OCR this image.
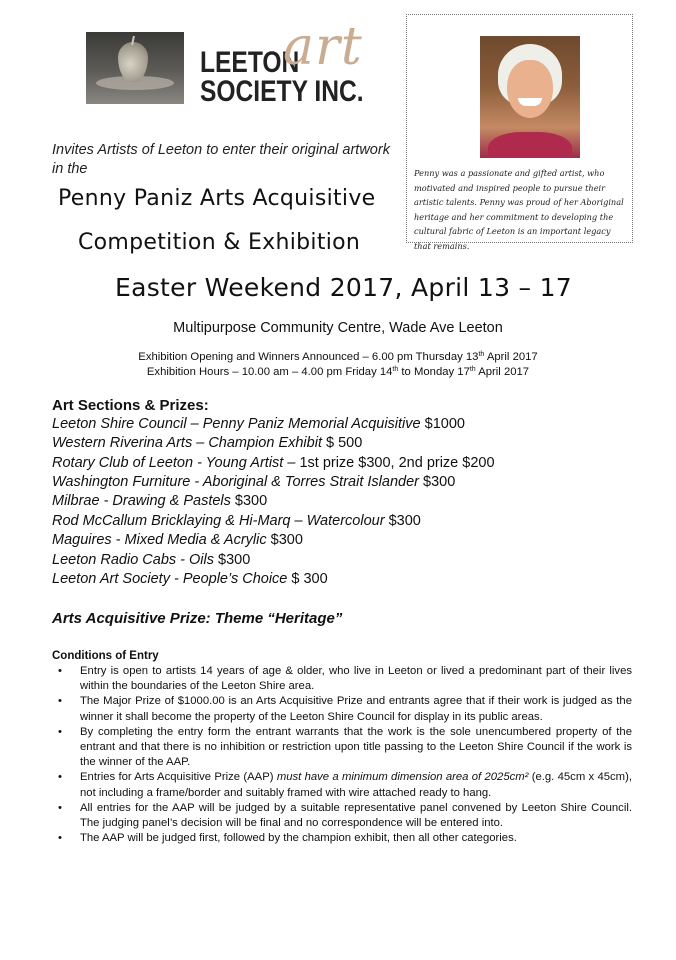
LEETON
SOCIETY INC.
art
Penny was a passionate and gifted artist, who motivated and inspired people to pursue their artistic talents. Penny was proud of her Aboriginal heritage and her commitment to developing the cultural fabric of Leeton is an important legacy that remains.
Invites Artists of Leeton to enter their original artwork in the
Penny Paniz Arts Acquisitive
Competition & Exhibition
Easter Weekend 2017, April 13 – 17
Multipurpose Community Centre, Wade Ave Leeton
Exhibition Opening and Winners Announced – 6.00 pm Thursday 13th April 2017
Exhibition Hours – 10.00 am – 4.00 pm Friday 14th to Monday 17th April 2017
Art Sections & Prizes:
Leeton Shire Council – Penny Paniz Memorial Acquisitive $1000
Western Riverina Arts – Champion Exhibit $ 500
Rotary Club of Leeton - Young Artist – 1st prize $300, 2nd prize $200
Washington Furniture - Aboriginal & Torres Strait Islander $300
Milbrae - Drawing & Pastels $300
Rod McCallum Bricklaying & Hi-Marq – Watercolour $300
Maguires - Mixed Media & Acrylic $300
Leeton Radio Cabs - Oils $300
Leeton Art Society - People’s Choice $ 300
Arts Acquisitive Prize: Theme “Heritage”
Conditions of Entry
• Entry is open to artists 14 years of age & older, who live in Leeton or lived a predominant part of their lives within the boundaries of the Leeton Shire area.
• The Major Prize of $1000.00 is an Arts Acquisitive Prize and entrants agree that if their work is judged as the winner it shall become the property of the Leeton Shire Council for display in its public areas.
• By completing the entry form the entrant warrants that the work is the sole unencumbered property of the entrant and that there is no inhibition or restriction upon title passing to the Leeton Shire Council if the work is the winner of the AAP.
• Entries for Arts Acquisitive Prize (AAP) must have a minimum dimension area of 2025cm² (e.g. 45cm x 45cm), not including a frame/border and suitably framed with wire attached ready to hang.
• All entries for the AAP will be judged by a suitable representative panel convened by Leeton Shire Council. The judging panel’s decision will be final and no correspondence will be entered into.
• The AAP will be judged first, followed by the champion exhibit, then all other categories.
